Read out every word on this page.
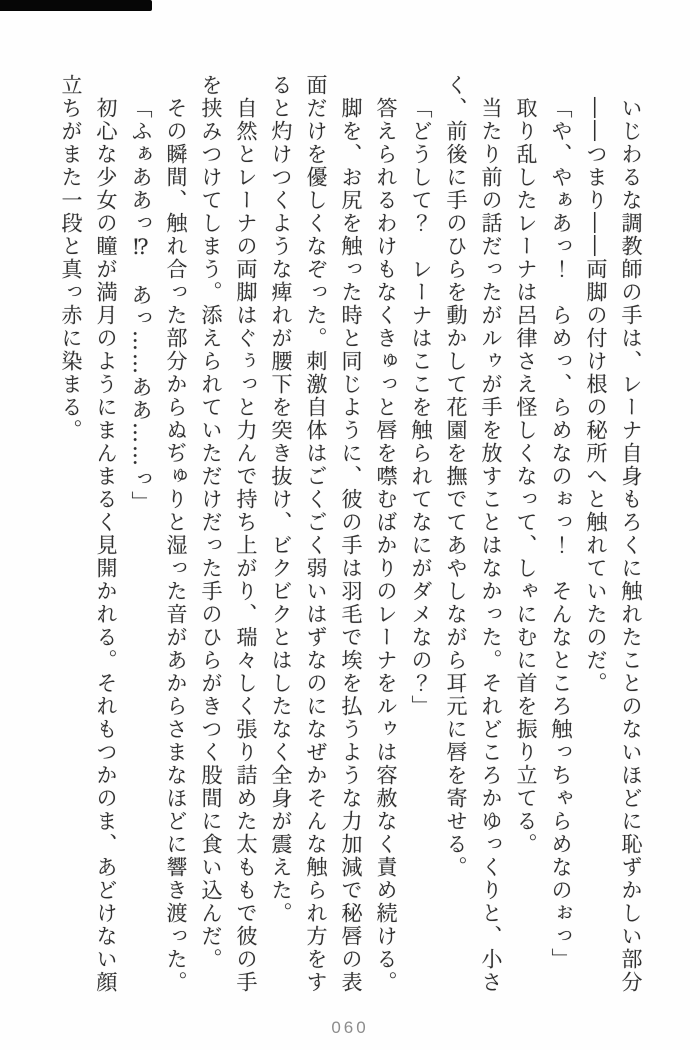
いじわるな調教師の手は、レーナ自身もろくに触れたことのないほどに恥ずかしい部分
――つまり――両脚の付け根の秘所へと触れていたのだ。
「や、やぁあっ！　らめっ、らめなのぉっ！　そんなところ触っちゃらめなのぉっ」
取り乱したレーナは呂律さえ怪しくなって、しゃにむに首を振り立てる。
当たり前の話だったがルゥが手を放すことはなかった。それどころかゆっくりと、小さ
く、前後に手のひらを動かして花園を撫でてあやしながら耳元に唇を寄せる。
「どうして？　レーナはここを触られてなにがダメなの？」
答えられるわけもなくきゅっと唇を噤むばかりのレーナをルゥは容赦なく責め続ける。
脚を、お尻を触った時と同じように、彼の手は羽毛で埃を払うような力加減で秘唇の表
面だけを優しくなぞった。刺激自体はごくごく弱いはずなのになぜかそんな触られ方をす
ると灼けつくような痺れが腰下を突き抜け、ビクビクとはしたなく全身が震えた。
自然とレーナの両脚はぐぅっと力んで持ち上がり、瑞々しく張り詰めた太ももで彼の手
を挟みつけてしまう。添えられていただけだった手のひらがきつく股間に食い込んだ。
その瞬間、触れ合った部分からぬぢゅりと湿った音があからさまなほどに響き渡った。
「ふぁああっ⁉　あっ……ああ……っ」
初心な少女の瞳が満月のようにまんまるく見開かれる。それもつかのま、あどけない顔
立ちがまた一段と真っ赤に染まる。
060
